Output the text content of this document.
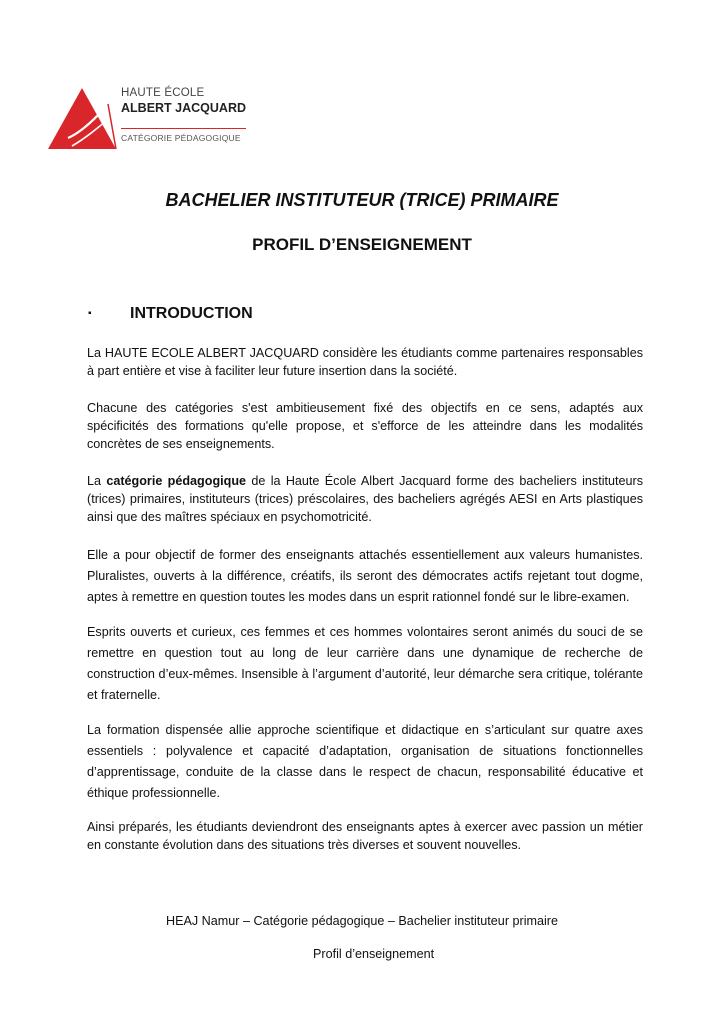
HAUTE ÉCOLE
ALBERT JACQUARD
CATÉGORIE PÉDAGOGIQUE
BACHELIER INSTITUTEUR (TRICE) PRIMAIRE
PROFIL D’ENSEIGNEMENT
▪ INTRODUCTION

La HAUTE ECOLE ALBERT JACQUARD considère les étudiants comme partenaires responsables à part entière et vise à faciliter leur future insertion dans la société.

Chacune des catégories s'est ambitieusement fixé des objectifs en ce sens, adaptés aux spécificités des formations qu'elle propose, et s'efforce de les atteindre dans les modalités concrètes de ses enseignements.

La catégorie pédagogique de la Haute École Albert Jacquard forme des bacheliers instituteurs (trices) primaires, instituteurs (trices) préscolaires, des bacheliers agrégés AESI en Arts plastiques ainsi que des maîtres spéciaux en psychomotricité.

Elle a pour objectif de former des enseignants attachés essentiellement aux valeurs humanistes. Pluralistes, ouverts à la différence, créatifs, ils seront des démocrates actifs rejetant tout dogme, aptes à remettre en question toutes les modes dans un esprit rationnel fondé sur le libre-examen.

Esprits ouverts et curieux, ces femmes et ces hommes volontaires seront animés du souci de se remettre en question tout au long de leur carrière dans une dynamique de recherche de construction d’eux-mêmes. Insensible à l’argument d’autorité, leur démarche sera critique, tolérante et fraternelle.

La formation dispensée allie approche scientifique et didactique en s’articulant sur quatre axes essentiels : polyvalence et capacité d’adaptation, organisation de situations fonctionnelles d’apprentissage, conduite de la classe dans le respect de chacun, responsabilité éducative et éthique professionnelle.

Ainsi préparés, les étudiants deviendront des enseignants aptes à exercer avec passion un métier en constante évolution dans des situations très diverses et souvent nouvelles.

HEAJ Namur – Catégorie pédagogique – Bachelier instituteur primaire
Profil d’enseignement
